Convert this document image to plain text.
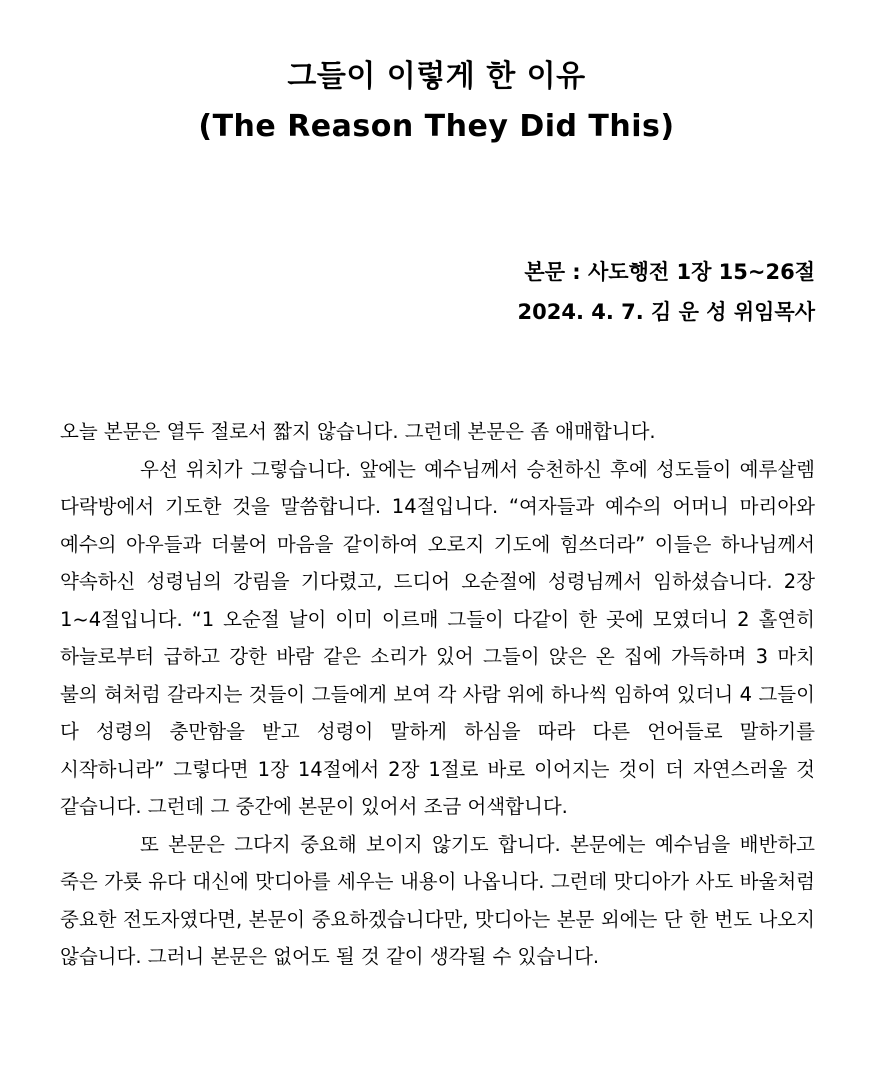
그들이 이렇게 한 이유
(The Reason They Did This)
본문 : 사도행전 1장 15~26절
2024. 4. 7. 김 운 성 위임목사

오늘 본문은 열두 절로서 짧지 않습니다. 그런데 본문은 좀 애매합니다.

우선 위치가 그렇습니다. 앞에는 예수님께서 승천하신 후에 성도들이 예루살렘 다락방에서 기도한 것을 말씀합니다. 14절입니다. “여자들과 예수의 어머니 마리아와 예수의 아우들과 더불어 마음을 같이하여 오로지 기도에 힘쓰더라” 이들은 하나님께서 약속하신 성령님의 강림을 기다렸고, 드디어 오순절에 성령님께서 임하셨습니다. 2장 1~4절입니다. “1 오순절 날이 이미 이르매 그들이 다같이 한 곳에 모였더니 2 홀연히 하늘로부터 급하고 강한 바람 같은 소리가 있어 그들이 앉은 온 집에 가득하며 3 마치 불의 혀처럼 갈라지는 것들이 그들에게 보여 각 사람 위에 하나씩 임하여 있더니 4 그들이 다 성령의 충만함을 받고 성령이 말하게 하심을 따라 다른 언어들로 말하기를 시작하니라” 그렇다면 1장 14절에서 2장 1절로 바로 이어지는 것이 더 자연스러울 것 같습니다. 그런데 그 중간에 본문이 있어서 조금 어색합니다.

또 본문은 그다지 중요해 보이지 않기도 합니다. 본문에는 예수님을 배반하고 죽은 가룟 유다 대신에 맛디아를 세우는 내용이 나옵니다. 그런데 맛디아가 사도 바울처럼 중요한 전도자였다면, 본문이 중요하겠습니다만, 맛디아는 본문 외에는 단 한 번도 나오지 않습니다. 그러니 본문은 없어도 될 것 같이 생각될 수 있습니다.
